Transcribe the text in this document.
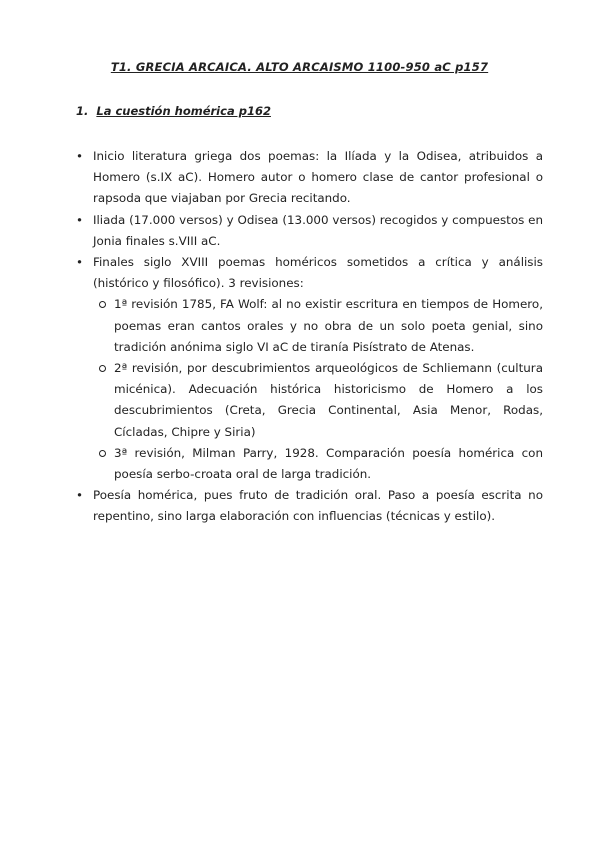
T1. GRECIA ARCAICA. ALTO ARCAISMO 1100-950 aC p157
1. La cuestión homérica p162
• Inicio literatura griega dos poemas: la Ilíada y la Odisea, atribuidos a Homero (s.IX aC). Homero autor o homero clase de cantor profesional o rapsoda que viajaban por Grecia recitando.
• Iliada (17.000 versos) y Odisea (13.000 versos) recogidos y compuestos en Jonia finales s.VIII aC.
• Finales siglo XVIII poemas homéricos sometidos a crítica y análisis (histórico y filosófico). 3 revisiones:
1ª revisión 1785, FA Wolf: al no existir escritura en tiempos de Homero, poemas eran cantos orales y no obra de un solo poeta genial, sino tradición anónima siglo VI aC de tiranía Pisístrato de Atenas.
2ª revisión, por descubrimientos arqueológicos de Schliemann (cultura micénica). Adecuación histórica historicismo de Homero a los descubrimientos (Creta, Grecia Continental, Asia Menor, Rodas, Cícladas, Chipre y Siria)
3ª revisión, Milman Parry, 1928. Comparación poesía homérica con poesía serbo-croata oral de larga tradición.
• Poesía homérica, pues fruto de tradición oral. Paso a poesía escrita no repentino, sino larga elaboración con influencias (técnicas y estilo).
